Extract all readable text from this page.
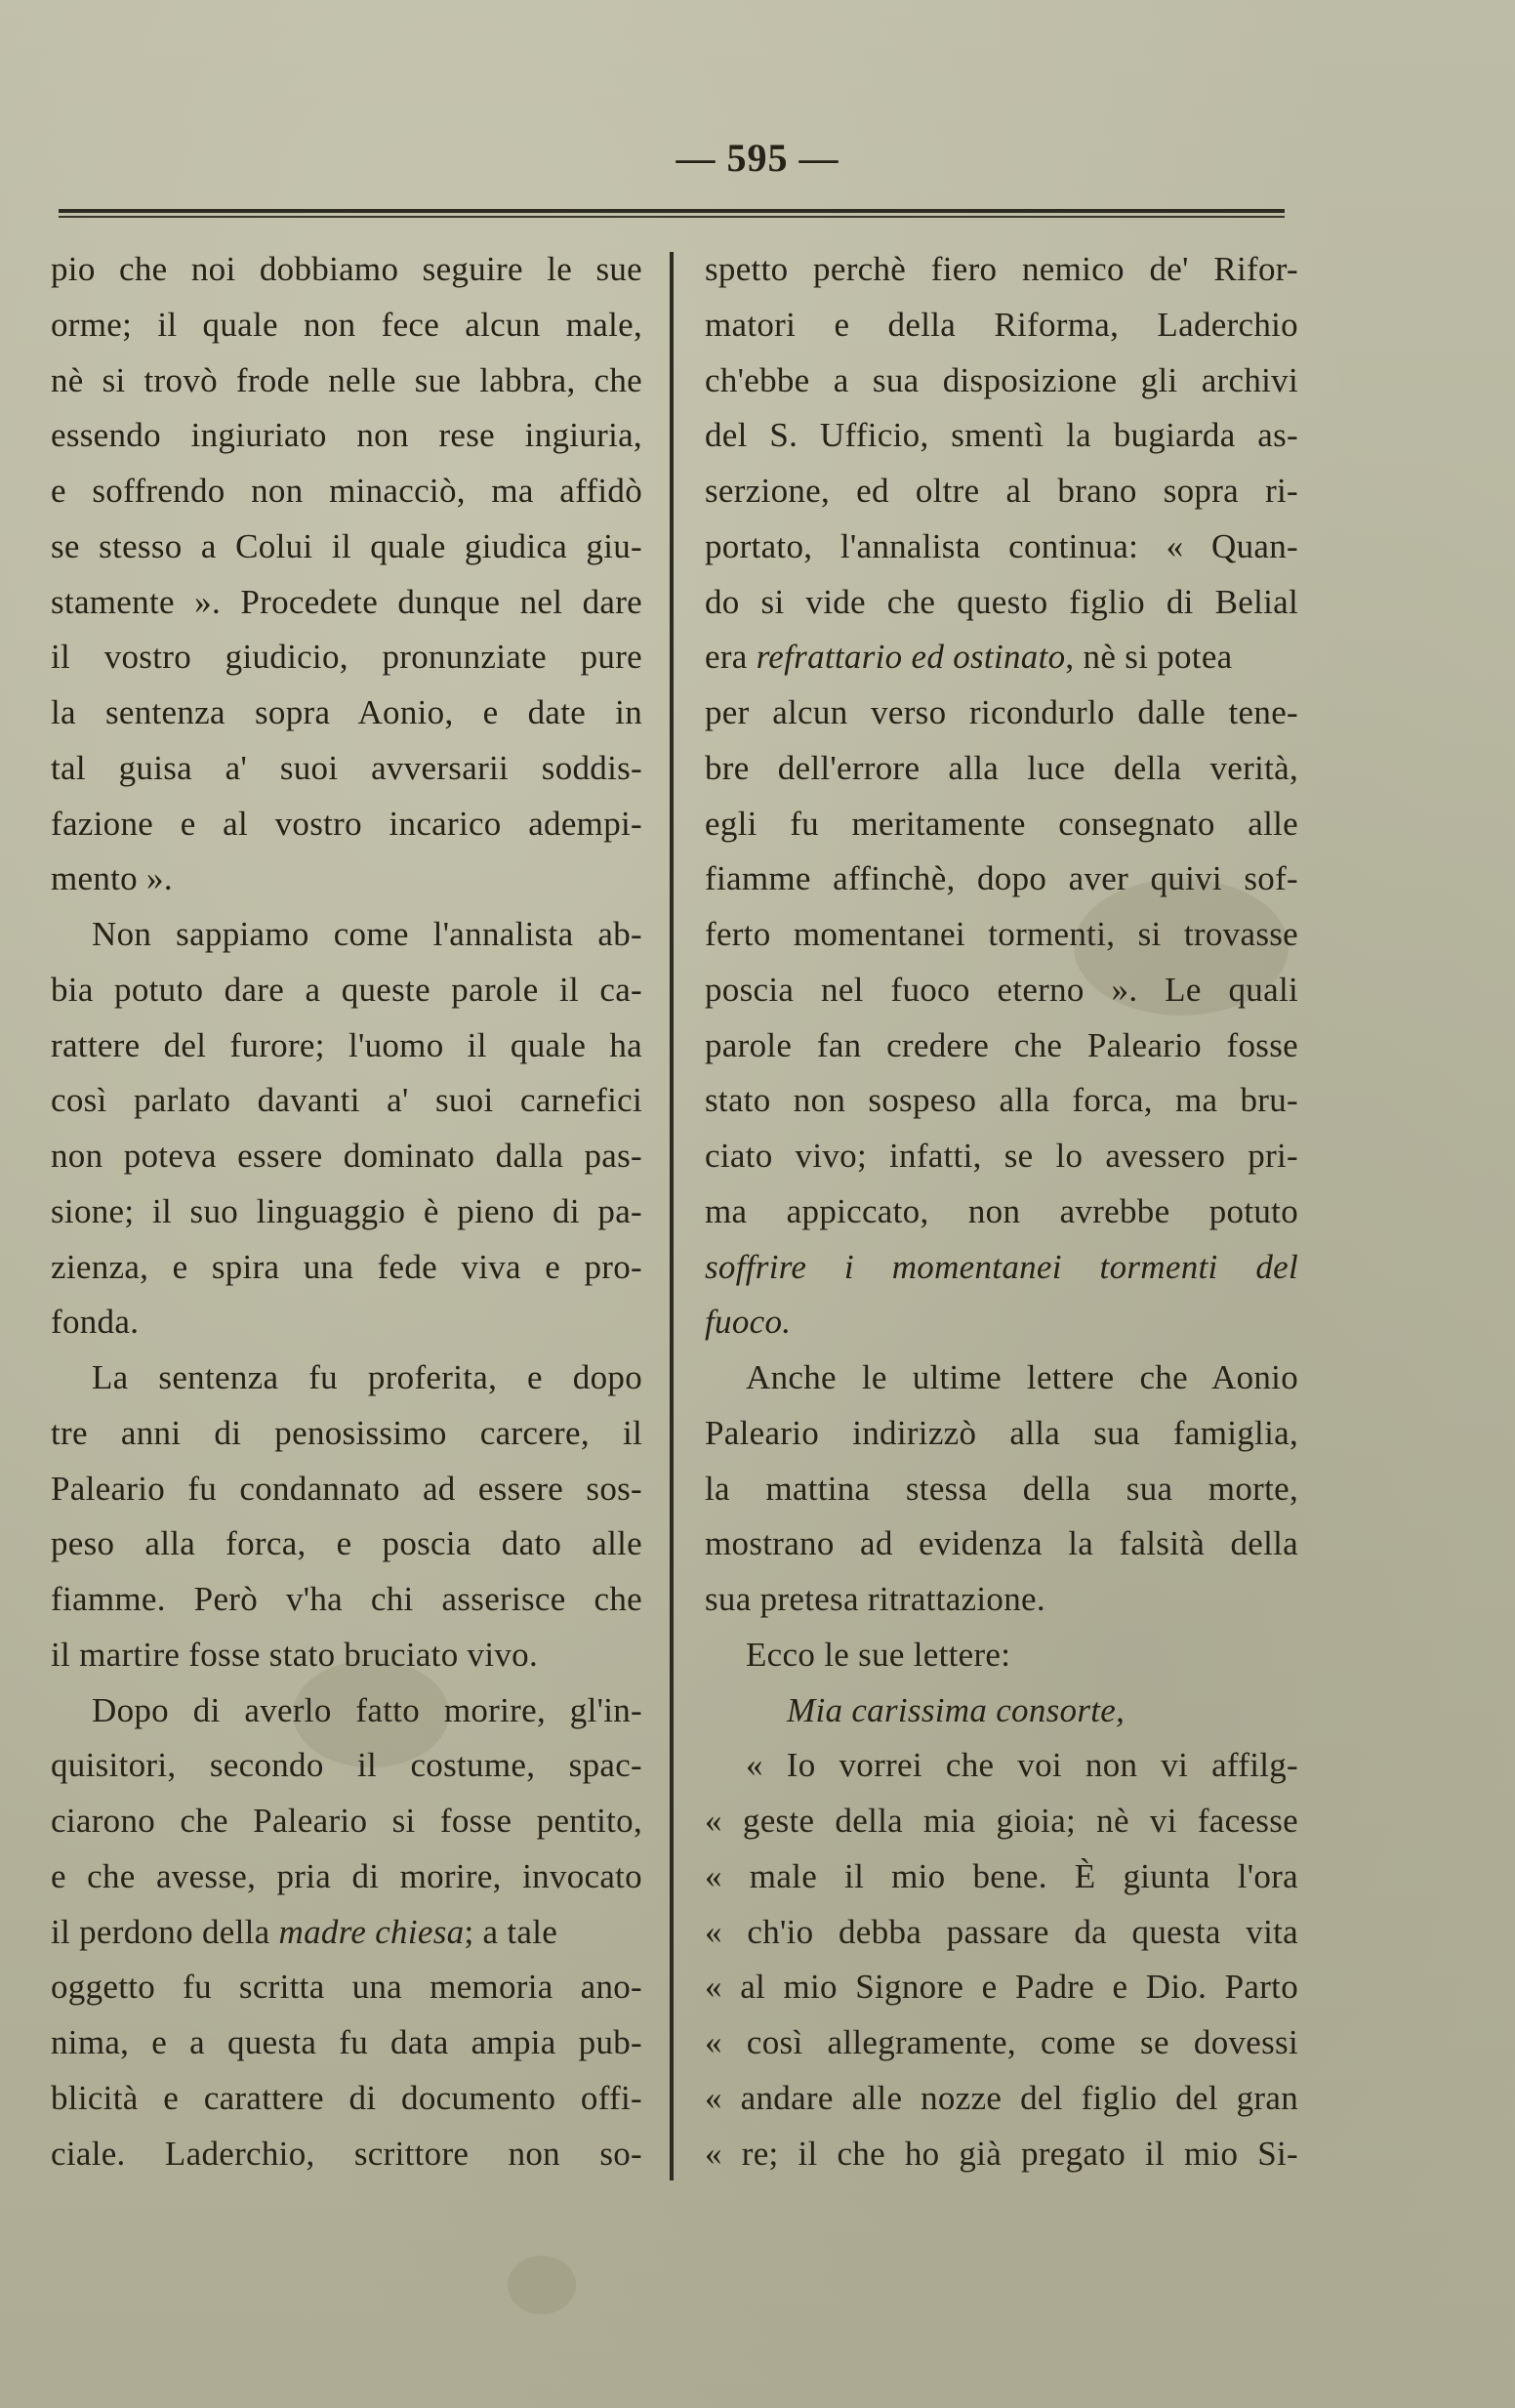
— 595 —
pio che noi dobbiamo seguire le sue
orme; il quale non fece alcun male,
nè si trovò frode nelle sue labbra, che
essendo ingiuriato non rese ingiuria,
e soffrendo non minacciò, ma affidò
se stesso a Colui il quale giudica giu-
stamente ». Procedete dunque nel dare
il vostro giudicio, pronunziate pure
la sentenza sopra Aonio, e date in
tal guisa a' suoi avversarii soddis-
fazione e al vostro incarico adempi-
mento ».
Non sappiamo come l'annalista ab-
bia potuto dare a queste parole il ca-
rattere del furore; l'uomo il quale ha
così parlato davanti a' suoi carnefici
non poteva essere dominato dalla pas-
sione; il suo linguaggio è pieno di pa-
zienza, e spira una fede viva e pro-
fonda.
La sentenza fu proferita, e dopo
tre anni di penosissimo carcere, il
Paleario fu condannato ad essere sos-
peso alla forca, e poscia dato alle
fiamme. Però v'ha chi asserisce che
il martire fosse stato bruciato vivo.
Dopo di averlo fatto morire, gl'in-
quisitori, secondo il costume, spac-
ciarono che Paleario si fosse pentito,
e che avesse, pria di morire, invocato
il perdono della madre chiesa; a tale
oggetto fu scritta una memoria ano-
nima, e a questa fu data ampia pub-
blicità e carattere di documento offi-
ciale. Laderchio, scrittore non so-
spetto perchè fiero nemico de' Rifor-
matori e della Riforma, Laderchio
ch'ebbe a sua disposizione gli archivi
del S. Ufficio, smentì la bugiarda as-
serzione, ed oltre al brano sopra ri-
portato, l'annalista continua: « Quan-
do si vide che questo figlio di Belial
era refrattario ed ostinato, nè si potea
per alcun verso ricondurlo dalle tene-
bre dell'errore alla luce della verità,
egli fu meritamente consegnato alle
fiamme affinchè, dopo aver quivi sof-
ferto momentanei tormenti, si trovasse
poscia nel fuoco eterno ». Le quali
parole fan credere che Paleario fosse
stato non sospeso alla forca, ma bru-
ciato vivo; infatti, se lo avessero pri-
ma appiccato, non avrebbe potuto
soffrire i momentanei tormenti del
fuoco.
Anche le ultime lettere che Aonio
Paleario indirizzò alla sua famiglia,
la mattina stessa della sua morte,
mostrano ad evidenza la falsità della
sua pretesa ritrattazione.
Ecco le sue lettere:
Mia carissima consorte,
« Io vorrei che voi non vi affilg-
« geste della mia gioia; nè vi facesse
« male il mio bene. È giunta l'ora
« ch'io debba passare da questa vita
« al mio Signore e Padre e Dio. Parto
« così allegramente, come se dovessi
« andare alle nozze del figlio del gran
« re; il che ho già pregato il mio Si-
